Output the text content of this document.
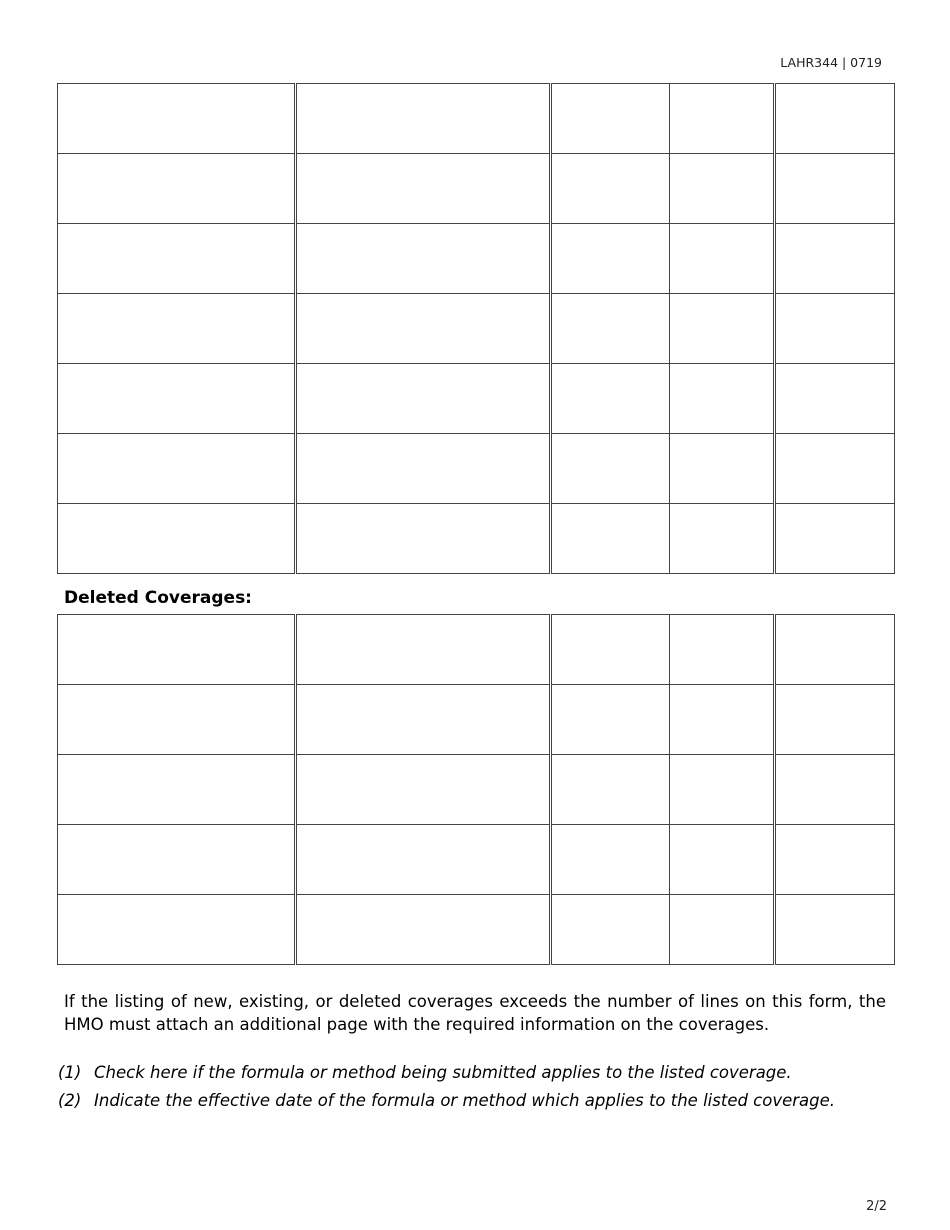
LAHR344 | 0719

Deleted Coverages:

If the listing of new, existing, or deleted coverages exceeds the number of lines on this form, the HMO must attach an additional page with the required information on the coverages.
(1) Check here if the formula or method being submitted applies to the listed coverage.
(2) Indicate the effective date of the formula or method which applies to the listed coverage.
2/2
